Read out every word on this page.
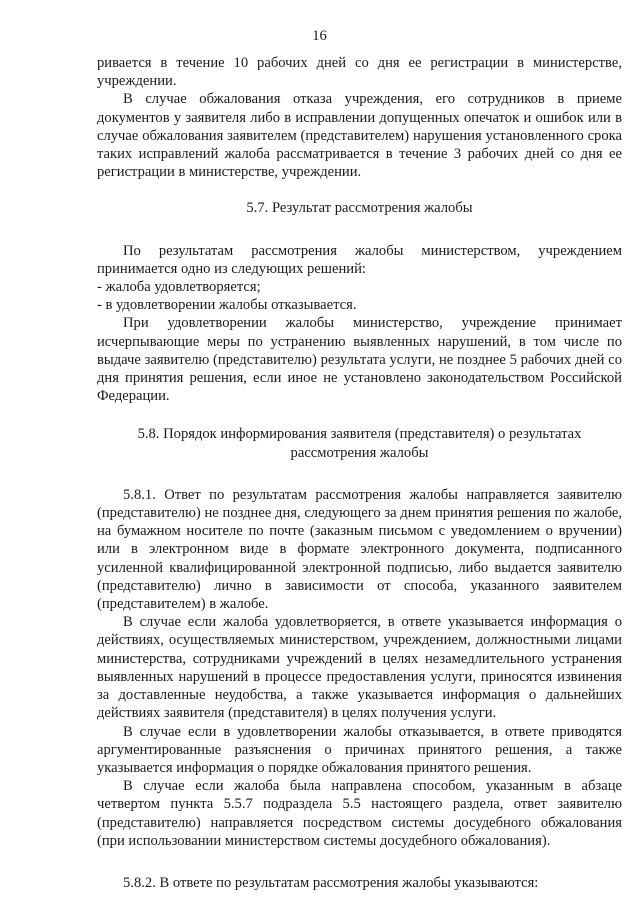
16

ривается в течение 10 рабочих дней со дня ее регистрации в министерстве, учреждении.

В случае обжалования отказа учреждения, его сотрудников в приеме документов у заявителя либо в исправлении допущенных опечаток и ошибок или в случае обжалования заявителем (представителем) нарушения установленного срока таких исправлений жалоба рассматривается в течение 3 рабочих дней со дня ее регистрации в министерстве, учреждении.

5.7. Результат рассмотрения жалобы

По результатам рассмотрения жалобы министерством, учреждением принимается одно из следующих решений:

- жалоба удовлетворяется;

- в удовлетворении жалобы отказывается.

При удовлетворении жалобы министерство, учреждение принимает исчерпывающие меры по устранению выявленных нарушений, в том числе по выдаче заявителю (представителю) результата услуги, не позднее 5 рабочих дней со дня принятия решения, если иное не установлено законодательством Российской Федерации.

5.8. Порядок информирования заявителя (представителя) о результатах

рассмотрения жалобы

5.8.1. Ответ по результатам рассмотрения жалобы направляется заявителю (представителю) не позднее дня, следующего за днем принятия решения по жалобе, на бумажном носителе по почте (заказным письмом с уведомлением о вручении) или в электронном виде в формате электронного документа, подписанного усиленной квалифицированной электронной подписью, либо выдается заявителю (представителю) лично в зависимости от способа, указанного заявителем (представителем) в жалобе.

В случае если жалоба удовлетворяется, в ответе указывается информация о действиях, осуществляемых министерством, учреждением, должностными лицами министерства, сотрудниками учреждений в целях незамедлительного устранения выявленных нарушений в процессе предоставления услуги, приносятся извинения за доставленные неудобства, а также указывается информация о дальнейших действиях заявителя (представителя) в целях получения услуги.

В случае если в удовлетворении жалобы отказывается, в ответе приводятся аргументированные разъяснения о причинах принятого решения, а также указывается информация о порядке обжалования принятого решения.

В случае если жалоба была направлена способом, указанным в абзаце четвертом пункта 5.5.7 подраздела 5.5 настоящего раздела, ответ заявителю (представителю) направляется посредством системы досудебного обжалования (при использовании министерством системы досудебного обжалования).

5.8.2. В ответе по результатам рассмотрения жалобы указываются:
